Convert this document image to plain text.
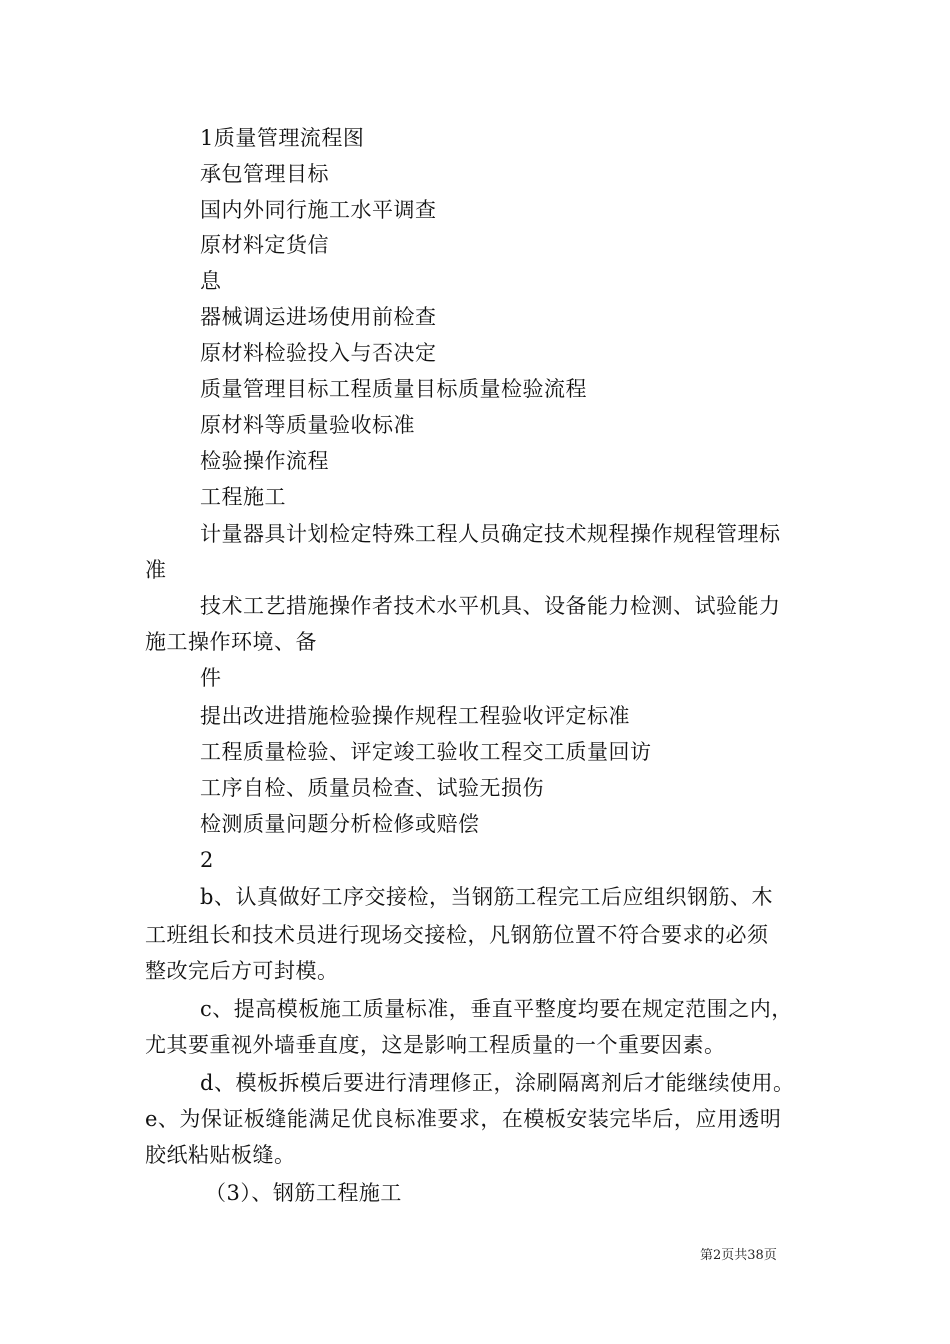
1质量管理流程图
承包管理目标
国内外同行施工水平调查
原材料定货信
息
器械调运进场使用前检查
原材料检验投入与否决定
质量管理目标工程质量目标质量检验流程
原材料等质量验收标准
检验操作流程
工程施工
计量器具计划检定特殊工程人员确定技术规程操作规程管理标
准
技术工艺措施操作者技术水平机具、设备能力检测、试验能力
施工操作环境、备
件
提出改进措施检验操作规程工程验收评定标准
工程质量检验、评定竣工验收工程交工质量回访
工序自检、质量员检查、试验无损伤
检测质量问题分析检修或赔偿
2
b、认真做好工序交接检，当钢筋工程完工后应组织钢筋、木
工班组长和技术员进行现场交接检，凡钢筋位置不符合要求的必须
整改完后方可封模。
c、提高模板施工质量标准，垂直平整度均要在规定范围之内，
尤其要重视外墙垂直度，这是影响工程质量的一个重要因素。
d、模板拆模后要进行清理修正，涂刷隔离剂后才能继续使用。
e、为保证板缝能满足优良标准要求，在模板安装完毕后，应用透明
胶纸粘贴板缝。
（3）、钢筋工程施工
第2页共38页
